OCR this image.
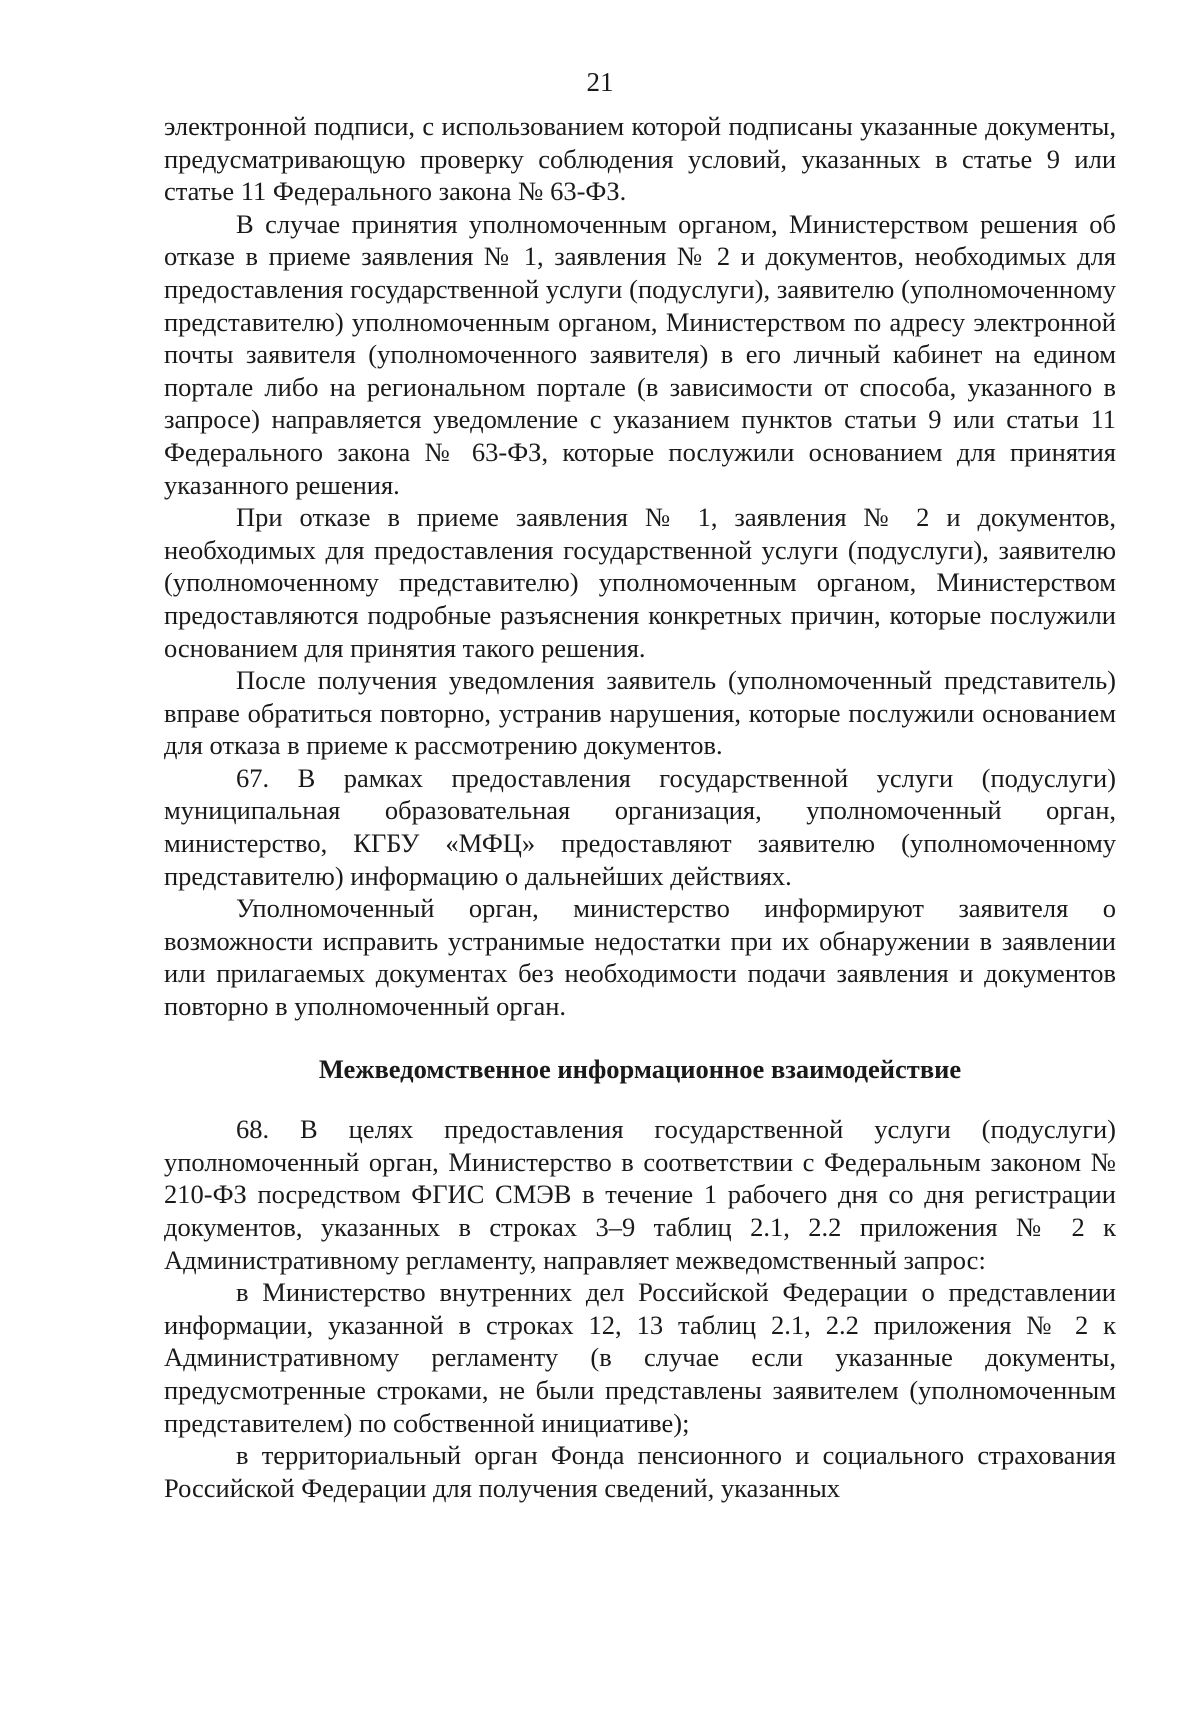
21

электронной подписи, с использованием которой подписаны указанные документы, предусматривающую проверку соблюдения условий, указанных в статье 9 или статье 11 Федерального закона № 63-ФЗ.

В случае принятия уполномоченным органом, Министерством решения об отказе в приеме заявления № 1, заявления № 2 и документов, необходимых для предоставления государственной услуги (подуслуги), заявителю (уполномоченному представителю) уполномоченным органом, Министерством по адресу электронной почты заявителя (уполномоченного заявителя) в его личный кабинет на едином портале либо на региональном портале (в зависимости от способа, указанного в запросе) направляется уведомление с указанием пунктов статьи 9 или статьи 11 Федерального закона № 63-ФЗ, которые послужили основанием для принятия указанного решения.

При отказе в приеме заявления № 1, заявления № 2 и документов, необходимых для предоставления государственной услуги (подуслуги), заявителю (уполномоченному представителю) уполномоченным органом, Министерством предоставляются подробные разъяснения конкретных причин, которые послужили основанием для принятия такого решения.

После получения уведомления заявитель (уполномоченный представитель) вправе обратиться повторно, устранив нарушения, которые послужили основанием для отказа в приеме к рассмотрению документов.

67. В рамках предоставления государственной услуги (подуслуги) муниципальная образовательная организация, уполномоченный орган, министерство, КГБУ «МФЦ» предоставляют заявителю (уполномоченному представителю) информацию о дальнейших действиях.

Уполномоченный орган, министерство информируют заявителя о возможности исправить устранимые недостатки при их обнаружении в заявлении или прилагаемых документах без необходимости подачи заявления и документов повторно в уполномоченный орган.

Межведомственное информационное взаимодействие

68. В целях предоставления государственной услуги (подуслуги) уполномоченный орган, Министерство в соответствии с Федеральным законом № 210-ФЗ посредством ФГИС СМЭВ в течение 1 рабочего дня со дня регистрации документов, указанных в строках 3–9 таблиц 2.1, 2.2 приложения № 2 к Административному регламенту, направляет межведомственный запрос:

в Министерство внутренних дел Российской Федерации о представлении информации, указанной в строках 12, 13 таблиц 2.1, 2.2 приложения № 2 к Административному регламенту (в случае если указанные документы, предусмотренные строками, не были представлены заявителем (уполномоченным представителем) по собственной инициативе);

в территориальный орган Фонда пенсионного и социального страхования Российской Федерации для получения сведений, указанных
